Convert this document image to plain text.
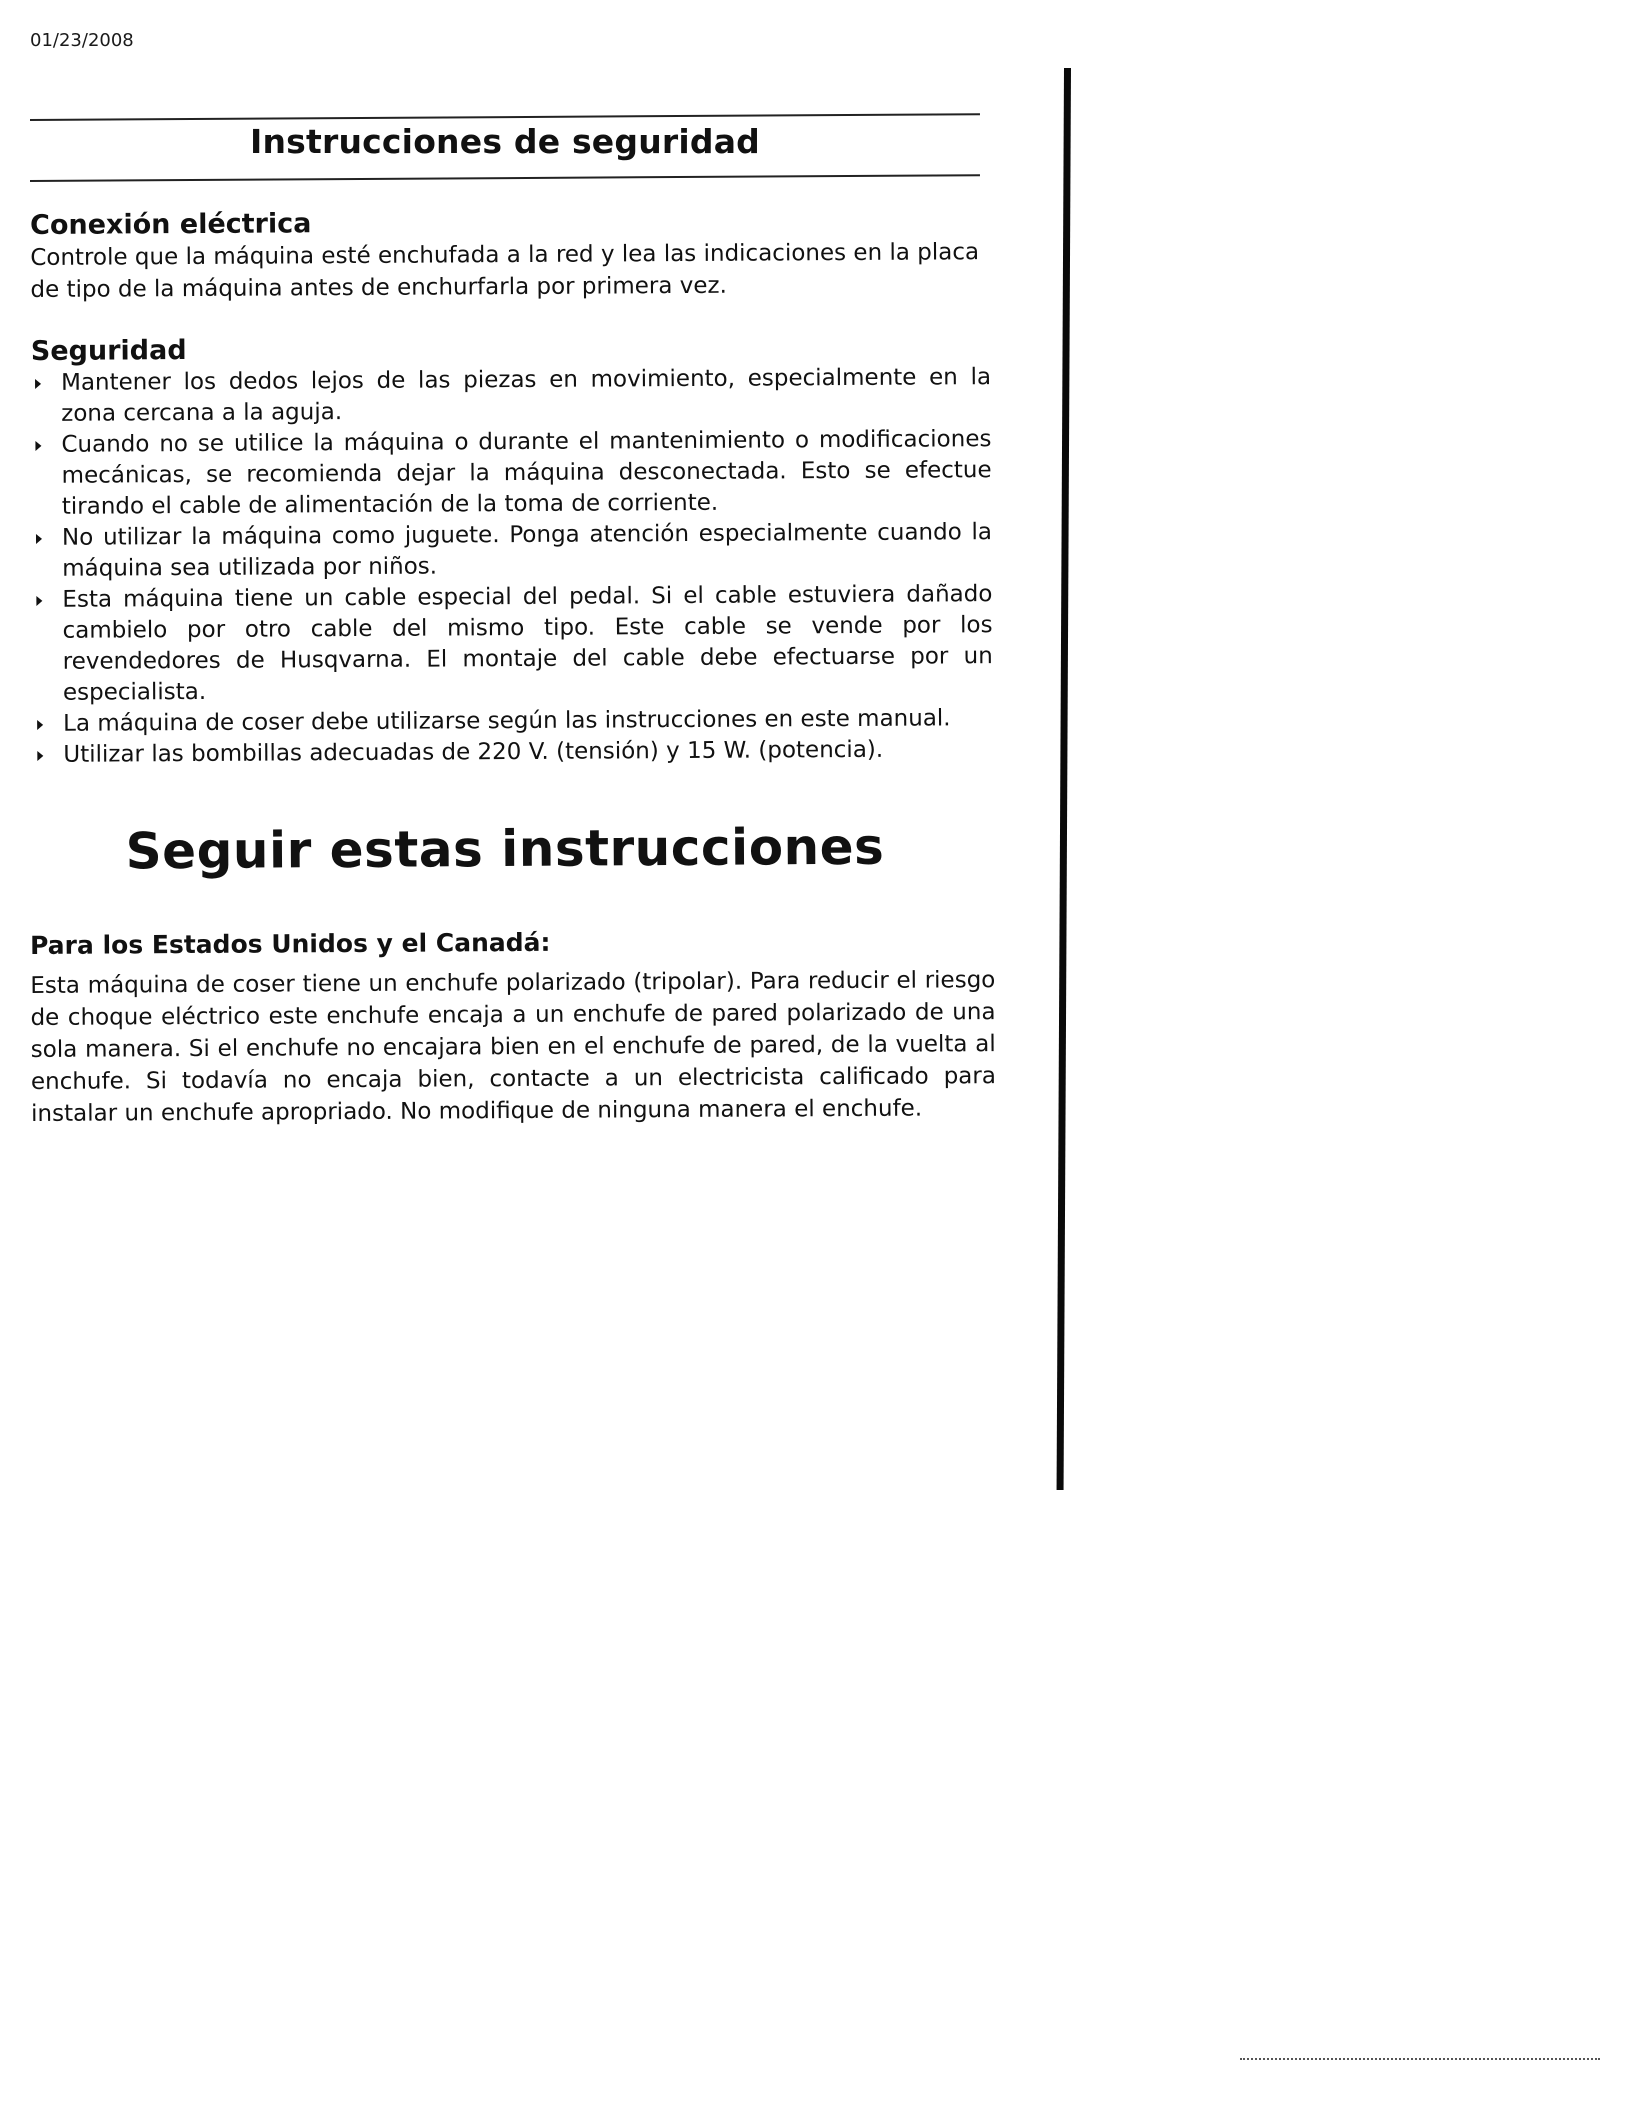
01/23/2008
Instrucciones de seguridad
Conexión eléctrica

Controle que la máquina esté enchufada a la red y lea las indicaciones en la placa de tipo de la máquina antes de enchurfarla por primera vez.

Seguridad
Mantener los dedos lejos de las piezas en movimiento, especialmente en la zona cercana a la aguja.
Cuando no se utilice la máquina o durante el mantenimiento o modificaciones mecánicas, se recomienda dejar la máquina desconectada. Esto se efectue tirando el cable de alimentación de la toma de corriente.
No utilizar la máquina como juguete. Ponga atención especialmente cuando la máquina sea utilizada por niños.
Esta máquina tiene un cable especial del pedal. Si el cable estuviera dañado cambielo por otro cable del mismo tipo. Este cable se vende por los revendedores de Husqvarna. El montaje del cable debe efectuarse por un especialista.
La máquina de coser debe utilizarse según las instrucciones en este manual.
Utilizar las bombillas adecuadas de 220 V. (tensión) y 15 W. (potencia).
Seguir estas instrucciones
Para los Estados Unidos y el Canadá:

Esta máquina de coser tiene un enchufe polarizado (tripolar). Para reducir el riesgo de choque eléctrico este enchufe encaja a un enchufe de pared polarizado de una sola manera. Si el enchufe no encajara bien en el enchufe de pared, de la vuelta al enchufe. Si todavía no encaja bien, contacte a un electricista calificado para instalar un enchufe apropriado. No modifique de ninguna manera el enchufe.
